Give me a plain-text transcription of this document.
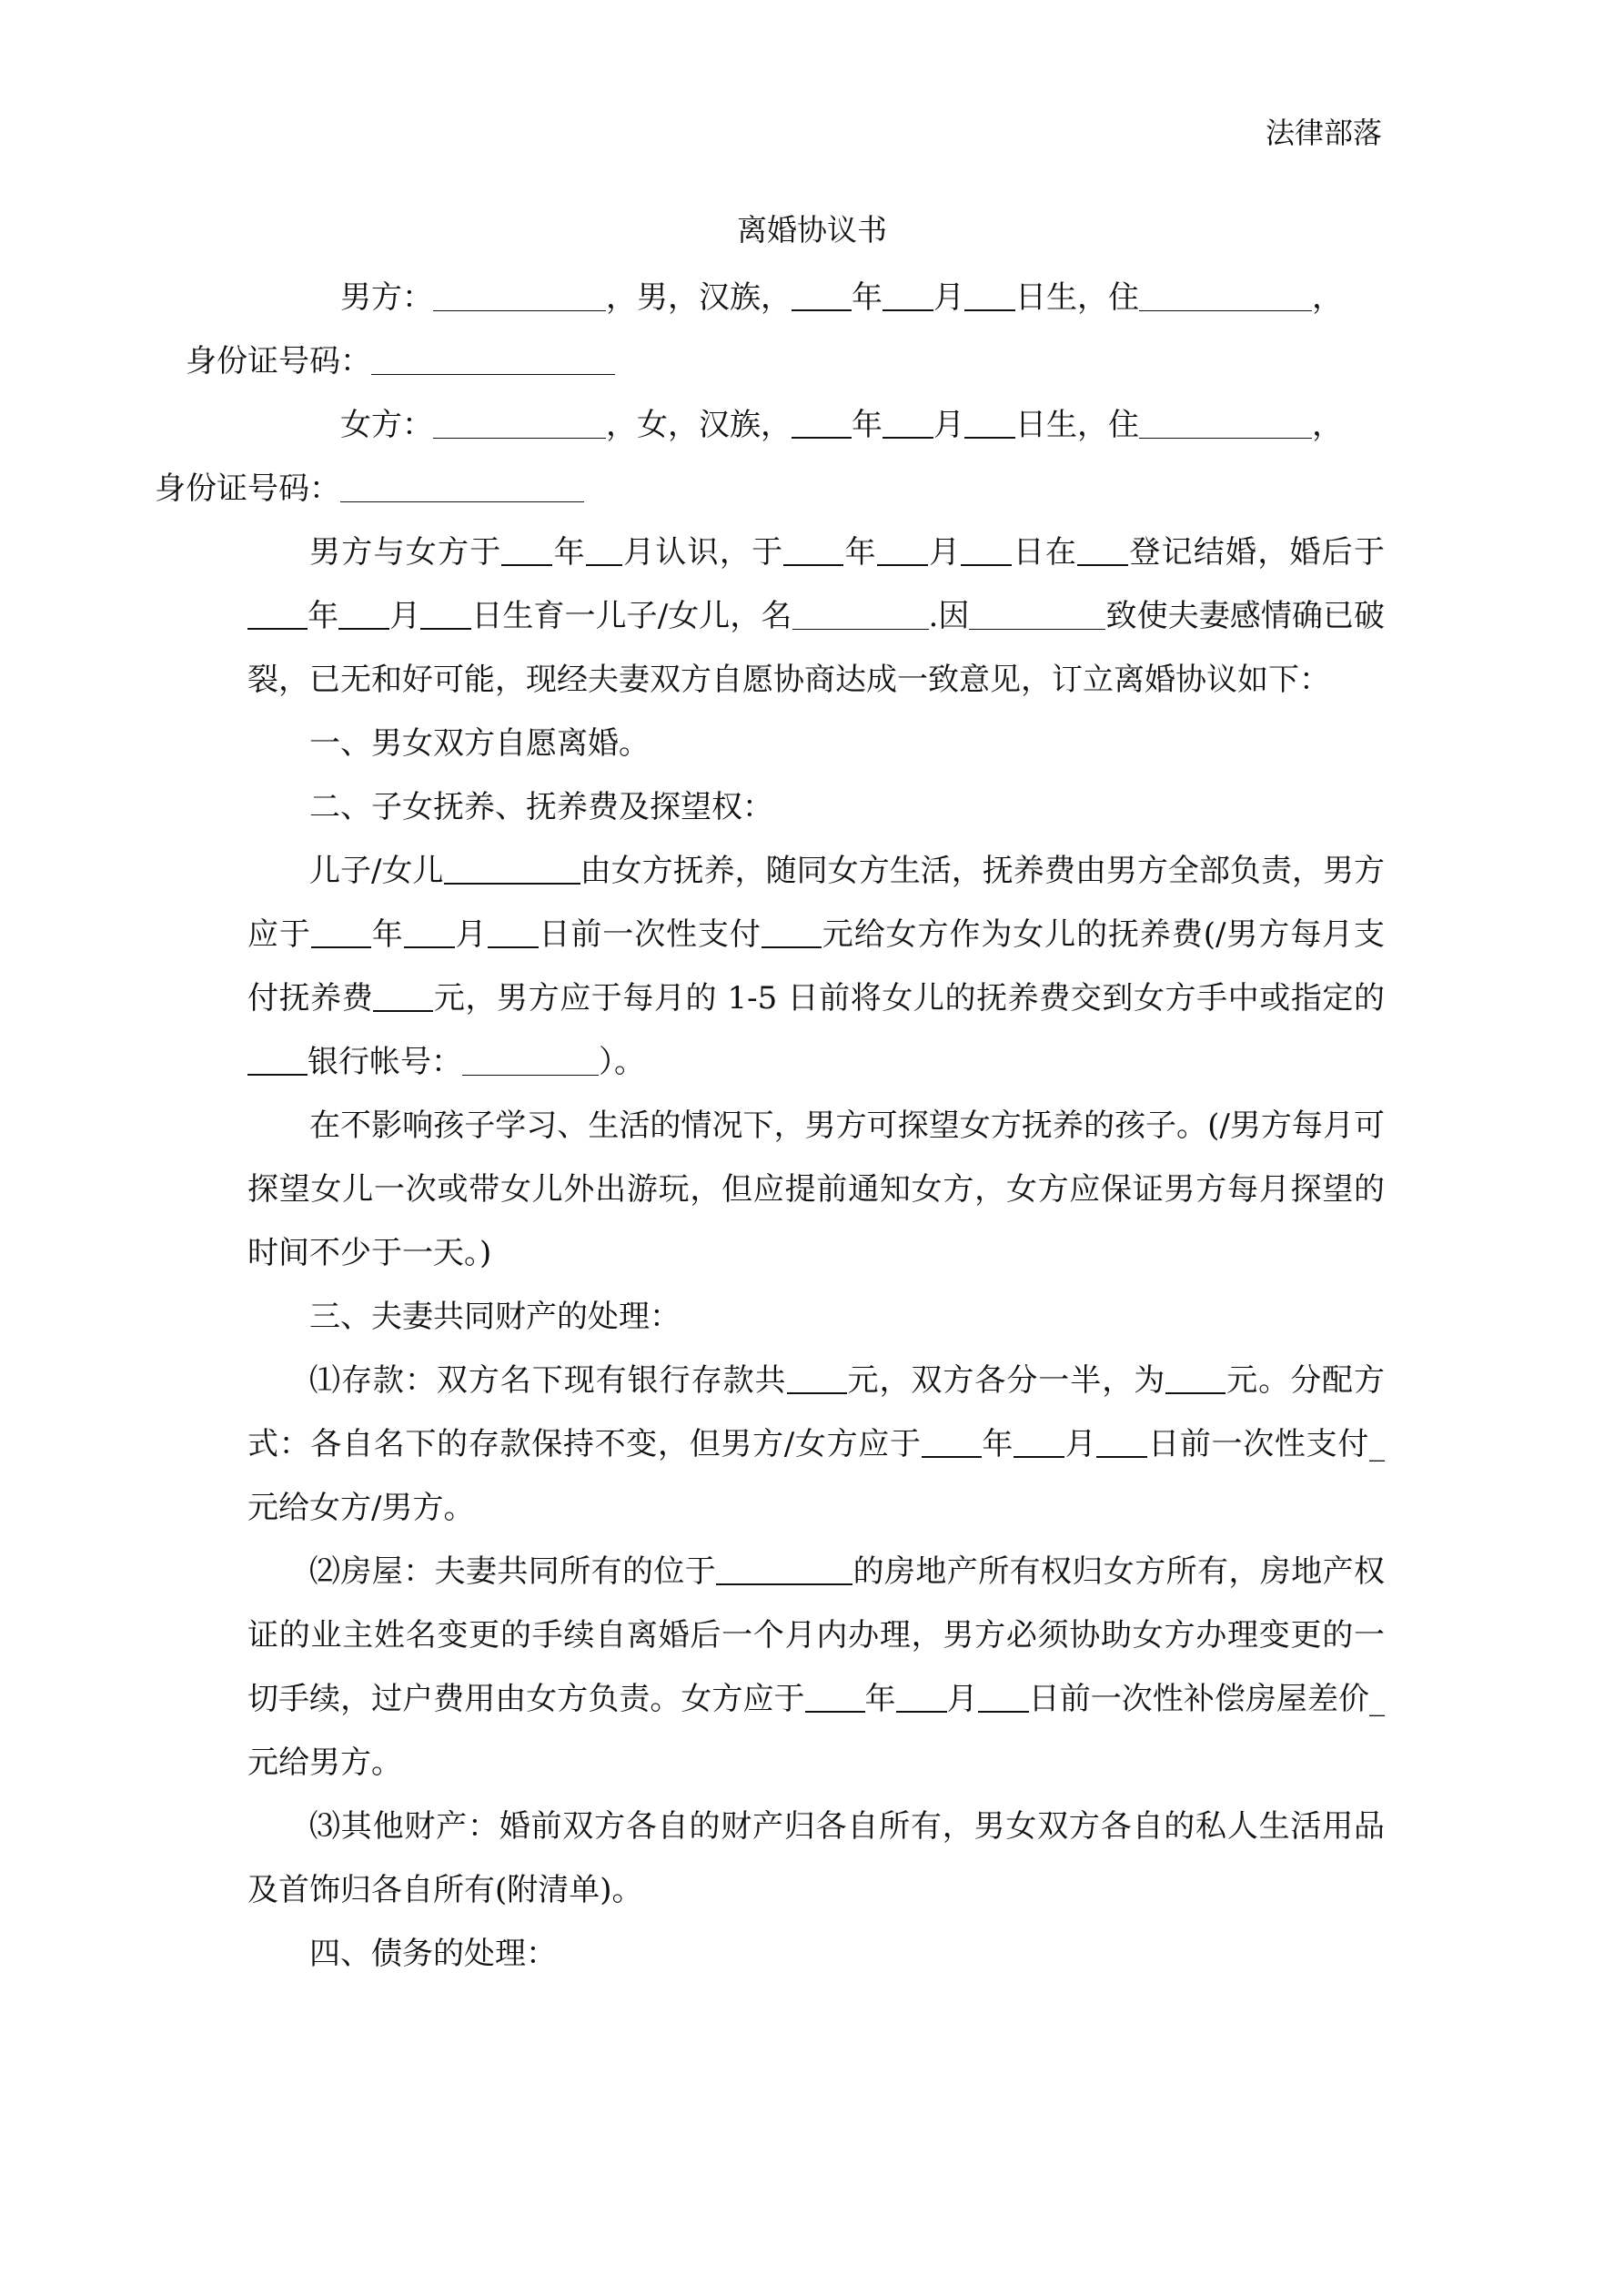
法律部落
离婚协议书

男方：	，男，汉族， 年 月 日生，住	，
身份证号码：

女方：	，女，汉族， 年 月 日生，住	，
身份证号码：

男方与女方于 年 月认识，于 年 月 日在 登记结婚，婚后于年 月 日生育一儿子/女儿，名	.因	致使夫妻感情确已破裂，已无和好可能，现经夫妻双方自愿协商达成一致意见，订立离婚协议如下：

一、男女双方自愿离婚。

二、子女抚养、抚养费及探望权：

儿子/女儿	由女方抚养，随同女方生活，抚养费由男方全部负责，男方应于 年 月 日前一次性支付 元给女方作为女儿的抚养费(/男方每月支付抚养费 元，男方应于每月的 1-5 日前将女儿的抚养费交到女方手中或指定的银行帐号：	）。

在不影响孩子学习、生活的情况下，男方可探望女方抚养的孩子。(/男方每月可探望女儿一次或带女儿外出游玩，但应提前通知女方，女方应保证男方每月探望的时间不少于一天。)

三、夫妻共同财产的处理：

⑴存款：双方名下现有银行存款共 元，双方各分一半，为 元。分配方式：各自名下的存款保持不变，但男方/女方应于 年 月 日前一次性支付_元给女方/男方。

⑵房屋：夫妻共同所有的位于	的房地产所有权归女方所有，房地产权证的业主姓名变更的手续自离婚后一个月内办理，男方必须协助女方办理变更的一切手续，过户费用由女方负责。女方应于 年 月 日前一次性补偿房屋差价_元给男方。

⑶其他财产：婚前双方各自的财产归各自所有，男女双方各自的私人生活用品及首饰归各自所有(附清单)。

四、债务的处理：
